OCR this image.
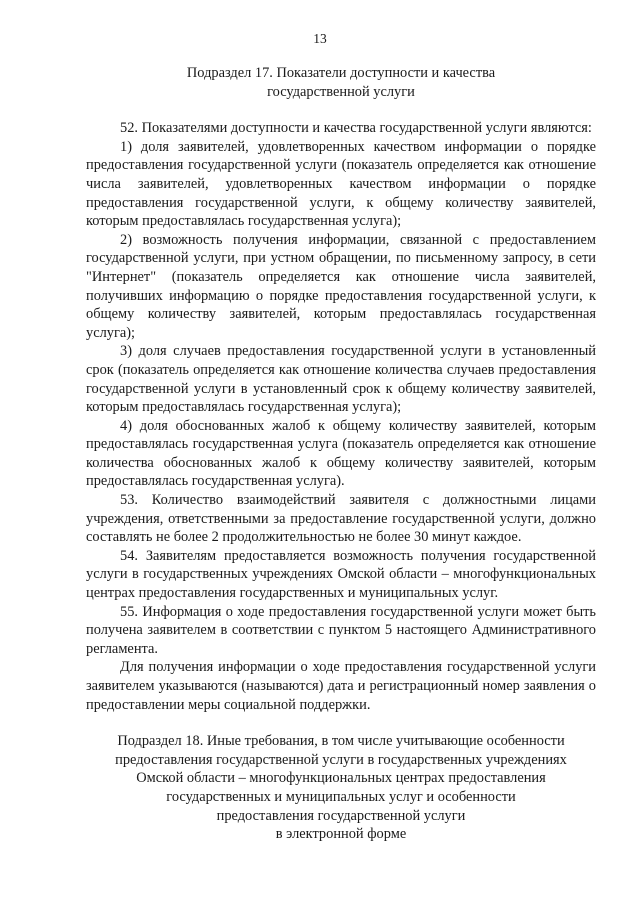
13
Подраздел 17. Показатели доступности и качества
государственной услуги

52. Показателями доступности и качества государственной услуги являются:

1) доля заявителей, удовлетворенных качеством информации о порядке предоставления государственной услуги (показатель определяется как отношение числа заявителей, удовлетворенных качеством информации о порядке предоставления государственной услуги, к общему количеству заявителей, которым предоставлялась государственная услуга);

2) возможность получения информации, связанной с предоставлением государственной услуги, при устном обращении, по письменному запросу, в сети "Интернет" (показатель определяется как отношение числа заявителей, получивших информацию о порядке предоставления государственной услуги, к общему количеству заявителей, которым предоставлялась государственная услуга);

3) доля случаев предоставления государственной услуги в установленный срок (показатель определяется как отношение количества случаев предоставления государственной услуги в установленный срок к общему количеству заявителей, которым предоставлялась государственная услуга);

4) доля обоснованных жалоб к общему количеству заявителей, которым предоставлялась государственная услуга (показатель определяется как отношение количества обоснованных жалоб к общему количеству заявителей, которым предоставлялась государственная услуга).

53. Количество взаимодействий заявителя с должностными лицами учреждения, ответственными за предоставление государственной услуги, должно составлять не более 2 продолжительностью не более 30 минут каждое.

54. Заявителям предоставляется возможность получения государственной услуги в государственных учреждениях Омской области – многофункциональных центрах предоставления государственных и муниципальных услуг.

55. Информация о ходе предоставления государственной услуги может быть получена заявителем в соответствии с пунктом 5 настоящего Административного регламента.

Для получения информации о ходе предоставления государственной услуги заявителем указываются (называются) дата и регистрационный номер заявления о предоставлении меры социальной поддержки.

Подраздел 18. Иные требования, в том числе учитывающие особенности
предоставления государственной услуги в государственных учреждениях
Омской области – многофункциональных центрах предоставления
государственных и муниципальных услуг и особенности
предоставления государственной услуги
в электронной форме
